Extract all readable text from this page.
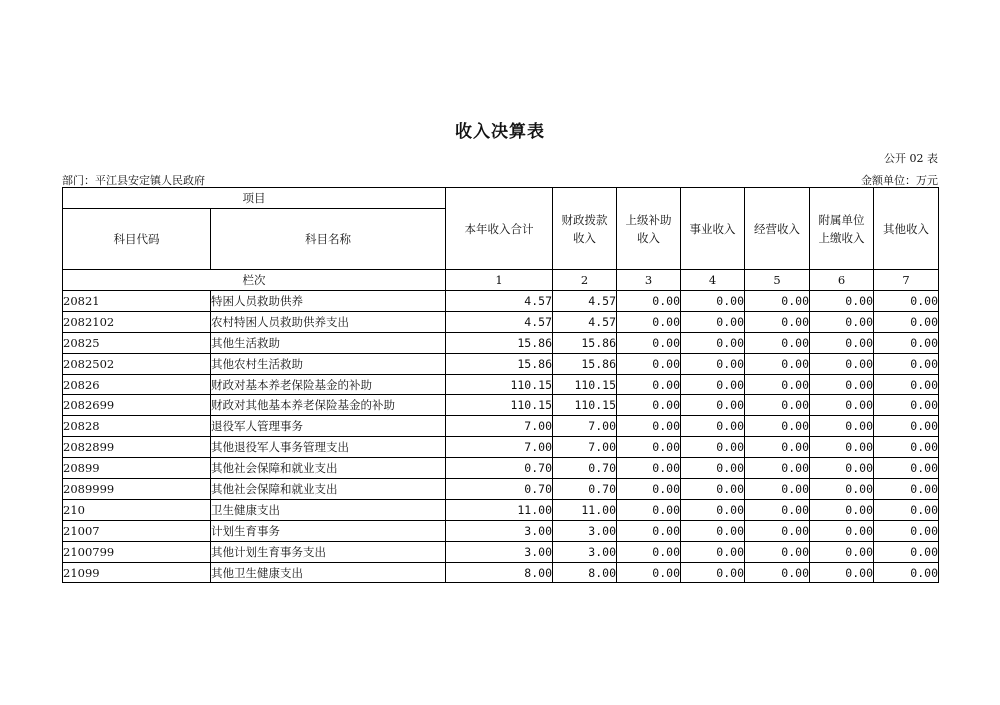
收入决算表
公开 02 表
部门：平江县安定镇人民政府	金额单位：万元
项目		本年收入合计	财政拨款收入	上级补助收入	事业收入	经营收入	附属单位上缴收入	其他收入
科目代码	科目名称							
栏次		1	2	3	4	5	6	7
20821	特困人员救助供养	4.57	4.57	0.00	0.00	0.00	0.00	0.00
2082102	农村特困人员救助供养支出	4.57	4.57	0.00	0.00	0.00	0.00	0.00
20825	其他生活救助	15.86	15.86	0.00	0.00	0.00	0.00	0.00
2082502	其他农村生活救助	15.86	15.86	0.00	0.00	0.00	0.00	0.00
20826	财政对基本养老保险基金的补助	110.15	110.15	0.00	0.00	0.00	0.00	0.00
2082699	财政对其他基本养老保险基金的补助	110.15	110.15	0.00	0.00	0.00	0.00	0.00
20828	退役军人管理事务	7.00	7.00	0.00	0.00	0.00	0.00	0.00
2082899	其他退役军人事务管理支出	7.00	7.00	0.00	0.00	0.00	0.00	0.00
20899	其他社会保障和就业支出	0.70	0.70	0.00	0.00	0.00	0.00	0.00
2089999	其他社会保障和就业支出	0.70	0.70	0.00	0.00	0.00	0.00	0.00
210	卫生健康支出	11.00	11.00	0.00	0.00	0.00	0.00	0.00
21007	计划生育事务	3.00	3.00	0.00	0.00	0.00	0.00	0.00
2100799	其他计划生育事务支出	3.00	3.00	0.00	0.00	0.00	0.00	0.00
21099	其他卫生健康支出	8.00	8.00	0.00	0.00	0.00	0.00	0.00
